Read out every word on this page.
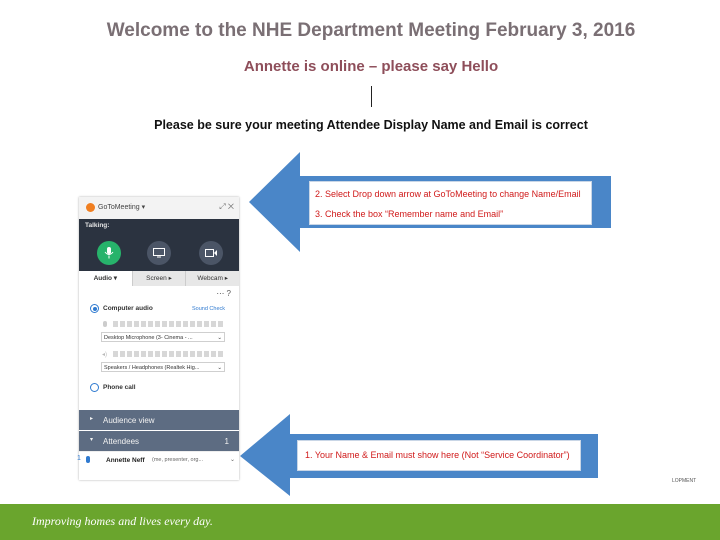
Welcome to the NHE Department Meeting February 3, 2016
Annette is online – please say Hello
Please be sure your meeting Attendee Display Name and Email is correct
2. Select Drop down arrow at GoToMeeting to change Name/Email
3. Check the box “Remember name and Email”
1. Your Name & Email must show here (Not “Service Coordinator”)
GoToMeeting ▾	⤢ ✕
Talking:
Audio ▾	Screen ▸	Webcam ▸
⋯ ?
Computer audio	Sound Check
Desktop Microphone (3- Cinema - ...	⌄
◂)
Speakers / Headphones (Realtek Hig...	⌄
Phone call
▸ Audience view
▾ Attendees	1
Annette Neff (me, presenter, org...	⌄
1
LOPMENT
Improving homes and lives every day.
